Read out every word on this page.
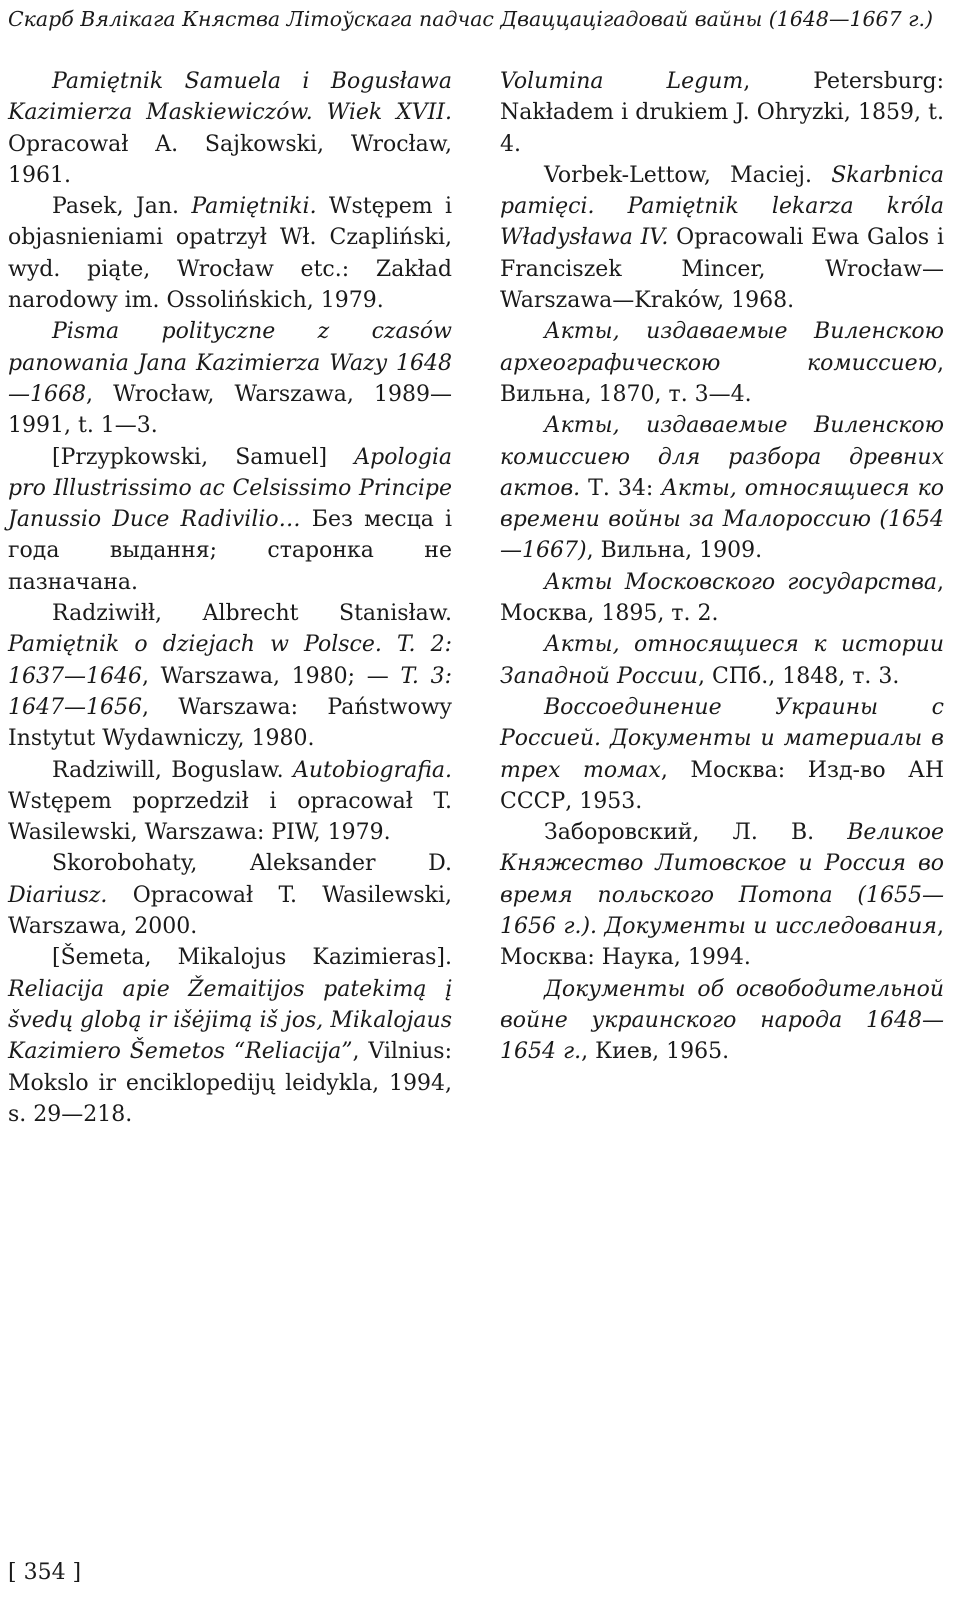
Скарб Вялікага Княства Літоўскага падчас Дваццацігадовай вайны (1648—1667 г.)

Pamiętnik Samuela i Bogusława Kazimierza Maskiewiczów. Wiek XVII. Opracował A. Sajkowski, Wrocław, 1961.

Pasek, Jan. Pamiętniki. Wstępem i objasnieniami opatrzył Wł. Czapliński, wyd. piąte, Wrocław etc.: Zakład narodowy im. Ossolińskich, 1979.

Pisma polityczne z czasów panowania Jana Kazimierza Wazy 1648—1668, Wrocław, Warszawa, 1989—1991, t. 1—3.

[Przypkowski, Samuel] Apologia pro Illustrissimo ac Celsissimo Principe Janussio Duce Radivilio… Без месца і года выдання; старонка не пазначана.

Radziwiłł, Albrecht Stanisław. Pamiętnik o dziejach w Polsce. T. 2: 1637—1646, Warszawa, 1980; — T. 3: 1647—1656, Warszawa: Państwowy Instytut Wydawniczy, 1980.

Radziwill, Boguslaw. Autobiografia. Wstępem poprzedził i opracował T. Wasilewski, Warszawa: PIW, 1979.

Skorobohaty, Aleksander D. Diariusz. Opracował T. Wasilewski, Warszawa, 2000.

[Šemeta, Mikalojus Kazimieras]. Reliacija apie Žemaitijos patekimą į švedų globą ir išėjimą iš jos, Mikalojaus Kazimiero Šemetos “Reliacija”, Vilnius: Mokslo ir enciklopedijų leidykla, 1994, s. 29—218.

Volumina Legum, Petersburg: Nakładem i drukiem J. Ohryzki, 1859, t. 4.

Vorbek-Lettow, Maciej. Skarbnica pamięci. Pamiętnik lekarza króla Władysława IV. Opracowali Ewa Galos i Franciszek Mincer, Wrocław—Warszawa—Kraków, 1968.

Акты, издаваемые Виленскою археографическою комиссиею, Вильна, 1870, т. 3—4.

Акты, издаваемые Виленскою комиссиею для разбора древних актов. Т. 34: Акты, относящиеся ко времени войны за Малороссию (1654—1667), Вильна, 1909.

Акты Московского государства, Москва, 1895, т. 2.

Акты, относящиеся к истории Западной России, СПб., 1848, т. 3.

Воссоединение Украины с Россией. Документы и материалы в трех томах, Москва: Изд-во АН СССР, 1953.

Заборовский, Л. В. Великое Княжество Литовское и Россия во время польского Потопа (1655—1656 г.). Документы и исследования, Москва: Наука, 1994.

Документы об освободительной войне украинского народа 1648—1654 г., Киев, 1965.

[ 354 ]
